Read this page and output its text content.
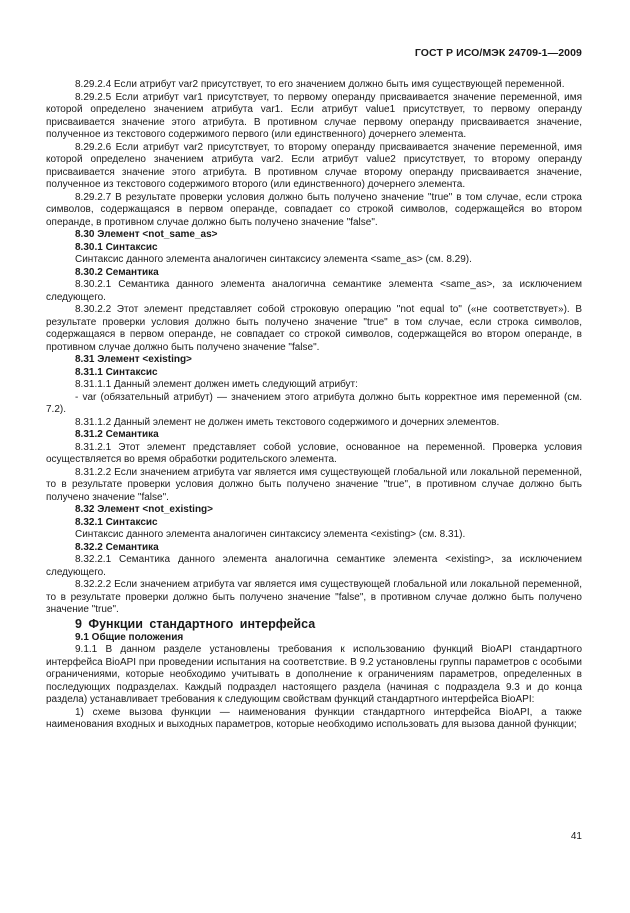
ГОСТ Р ИСО/МЭК 24709-1—2009

8.29.2.4 Если атрибут var2 присутствует, то его значением должно быть имя существующей переменной.

8.29.2.5 Если атрибут var1 присутствует, то первому операнду присваивается значение переменной, имя которой определено значением атрибута var1. Если атрибут value1 присутствует, то первому операнду присваивается значение этого атрибута. В противном случае первому операнду присваивается значение, полученное из текстового содержимого первого (или единственного) дочернего элемента.

8.29.2.6 Если атрибут var2 присутствует, то второму операнду присваивается значение переменной, имя которой определено значением атрибута var2. Если атрибут value2 присутствует, то второму операнду присваивается значение этого атрибута. В противном случае второму операнду присваивается значение, полученное из текстового содержимого второго (или единственного) дочернего элемента.

8.29.2.7 В результате проверки условия должно быть получено значение "true" в том случае, если строка символов, содержащаяся в первом операнде, совпадает со строкой символов, содержащейся во втором операнде, в противном случае должно быть получено значение "false".

8.30 Элемент <not_same_as>

8.30.1 Синтаксис

Синтаксис данного элемента аналогичен синтаксису элемента <same_as> (см. 8.29).

8.30.2 Семантика

8.30.2.1 Семантика данного элемента аналогична семантике элемента <same_as>, за исключением следующего.

8.30.2.2 Этот элемент представляет собой строковую операцию "not equal to" («не соответствует»). В результате проверки условия должно быть получено значение "true" в том случае, если строка символов, содержащаяся в первом операнде, не совпадает со строкой символов, содержащейся во втором операнде, в противном случае должно быть получено значение "false".

8.31 Элемент <existing>

8.31.1 Синтаксис

8.31.1.1 Данный элемент должен иметь следующий атрибут:

- var (обязательный атрибут) — значением этого атрибута должно быть корректное имя переменной (см. 7.2).

8.31.1.2 Данный элемент не должен иметь текстового содержимого и дочерних элементов.

8.31.2 Семантика

8.31.2.1 Этот элемент представляет собой условие, основанное на переменной. Проверка условия осуществляется во время обработки родительского элемента.

8.31.2.2 Если значением атрибута var является имя существующей глобальной или локальной переменной, то в результате проверки условия должно быть получено значение "true", в противном случае должно быть получено значение "false".

8.32 Элемент <not_existing>

8.32.1 Синтаксис

Синтаксис данного элемента аналогичен синтаксису элемента <existing> (см. 8.31).

8.32.2 Семантика

8.32.2.1 Семантика данного элемента аналогична семантике элемента <existing>, за исключением следующего.

8.32.2.2 Если значением атрибута var является имя существующей глобальной или локальной переменной, то в результате проверки должно быть получено значение "false", в противном случае должно быть получено значение "true".

9 Функции стандартного интерфейса

9.1 Общие положения

9.1.1 В данном разделе установлены требования к использованию функций BioAPI стандартного интерфейса BioAPI при проведении испытания на соответствие. В 9.2 установлены группы параметров с особыми ограничениями, которые необходимо учитывать в дополнение к ограничениям параметров, определенных в последующих подразделах. Каждый подраздел настоящего раздела (начиная с подраздела 9.3 и до конца раздела) устанавливает требования к следующим свойствам функций стандартного интерфейса BioAPI:

1) схеме вызова функции — наименования функции стандартного интерфейса BioAPI, а также наименования входных и выходных параметров, которые необходимо использовать для вызова данной функции;

41
